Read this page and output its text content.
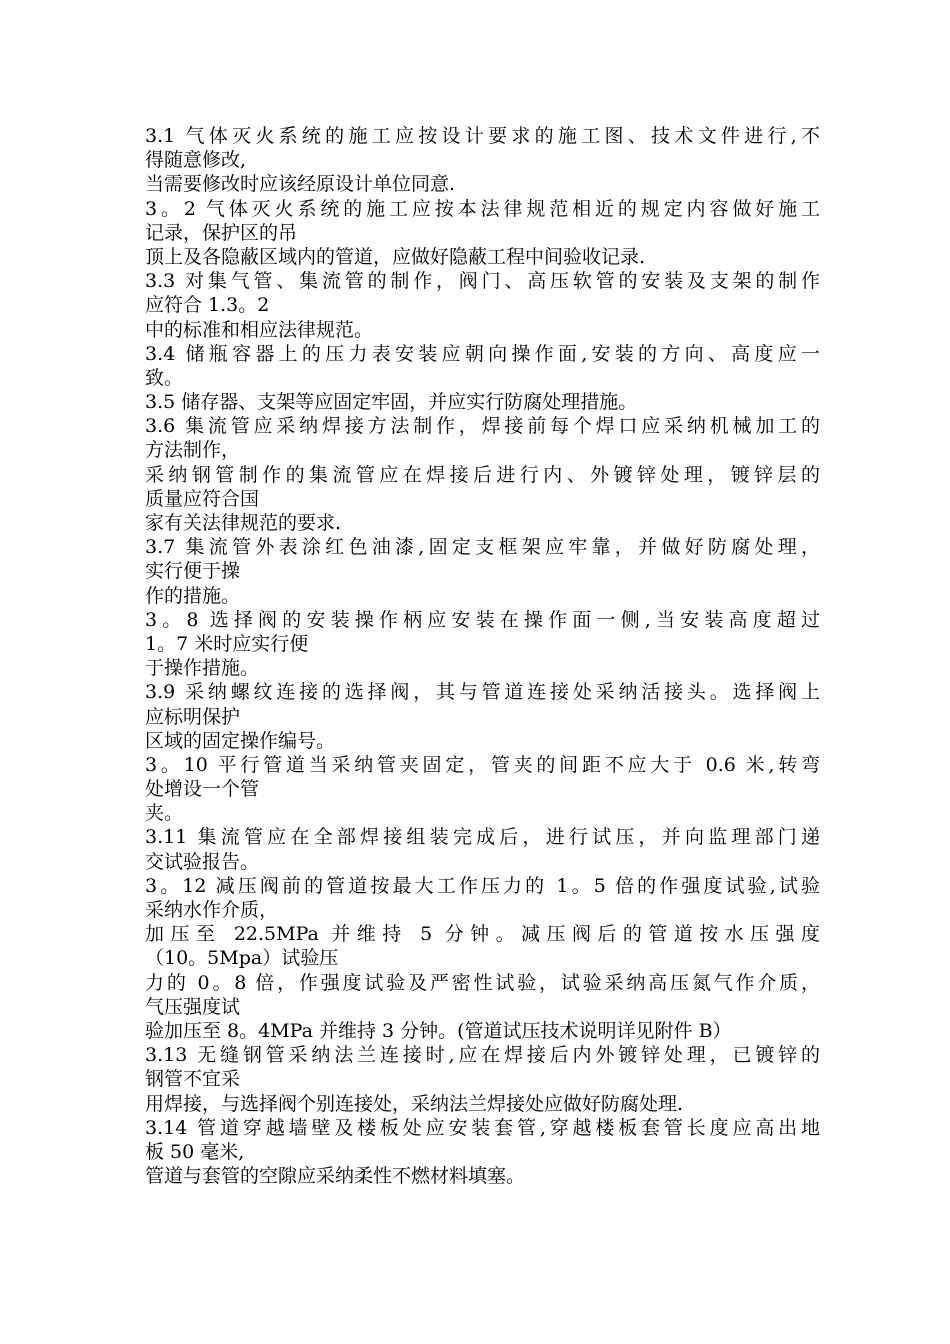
3.1 气体灭火系统的施工应按设计要求的施工图、技术文件进行,不
得随意修改,
当需要修改时应该经原设计单位同意.
3。2 气体灭火系统的施工应按本法律规范相近的规定内容做好施工
记录，保护区的吊
顶上及各隐蔽区域内的管道，应做好隐蔽工程中间验收记录.
3.3 对集气管、集流管的制作，阀门、高压软管的安装及支架的制作
应符合 1.3。2
中的标准和相应法律规范。
3.4 储瓶容器上的压力表安装应朝向操作面,安装的方向、高度应一
致。
3.5 储存器、支架等应固定牢固，并应实行防腐处理措施。
3.6 集流管应采纳焊接方法制作，焊接前每个焊口应采纳机械加工的
方法制作，
采纳钢管制作的集流管应在焊接后进行内、外镀锌处理，镀锌层的
质量应符合国
家有关法律规范的要求.
3.7 集流管外表涂红色油漆,固定支框架应牢靠，并做好防腐处理，
实行便于操
作的措施。
3。8 选择阀的安装操作柄应安装在操作面一侧,当安装高度超过
1。7 米时应实行便
于操作措施。
3.9 采纳螺纹连接的选择阀，其与管道连接处采纳活接头。选择阀上
应标明保护
区域的固定操作编号。
3。10 平行管道当采纳管夹固定，管夹的间距不应大于 0.6 米,转弯
处增设一个管
夹。
3.11 集流管应在全部焊接组装完成后，进行试压，并向监理部门递
交试验报告。
3。12 减压阀前的管道按最大工作压力的 1。5 倍的作强度试验,试验
采纳水作介质，
加压至 22.5MPa 并维持 5 分钟。减压阀后的管道按水压强度
（10。5Mpa）试验压
力的 0。8 倍，作强度试验及严密性试验，试验采纳高压氮气作介质，
气压强度试
验加压至 8。4MPa 并维持 3 分钟。(管道试压技术说明详见附件 B）
3.13 无缝钢管采纳法兰连接时,应在焊接后内外镀锌处理，已镀锌的
钢管不宜采
用焊接，与选择阀个别连接处，采纳法兰焊接处应做好防腐处理.
3.14 管道穿越墙壁及楼板处应安装套管,穿越楼板套管长度应高出地
板 50 毫米,
管道与套管的空隙应采纳柔性不燃材料填塞。
